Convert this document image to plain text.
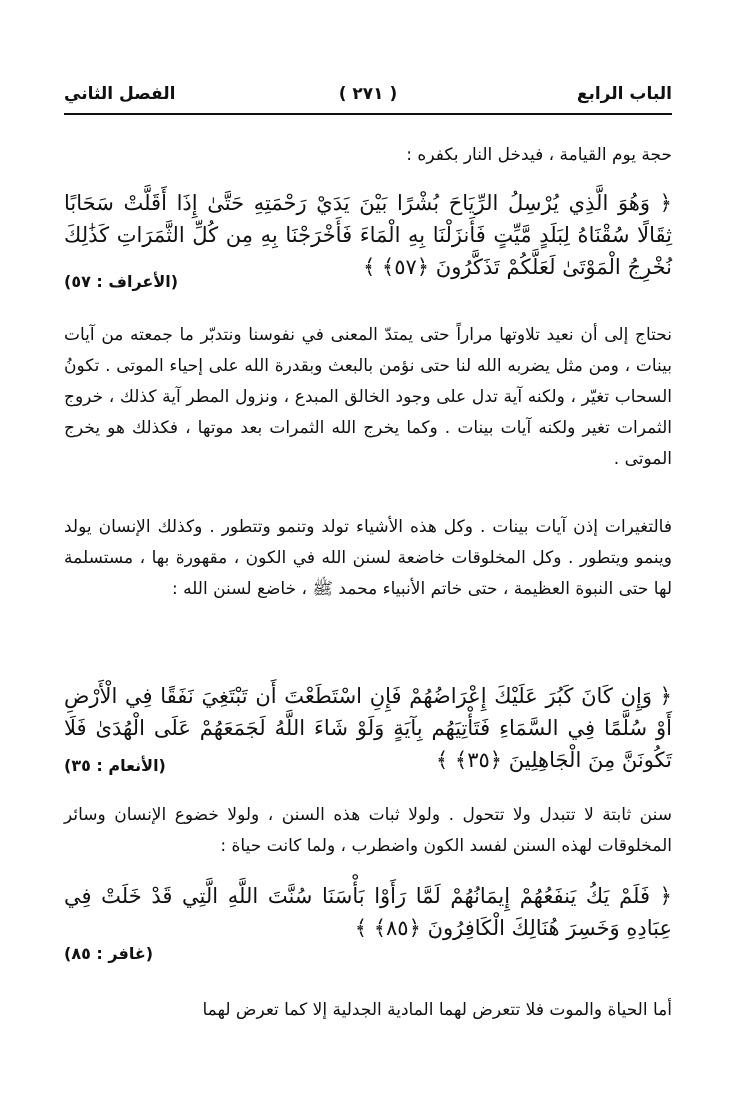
الباب الرابع
( ٢٧١ )
الفصل الثاني

حجة يوم القيامة ، فيدخل النار بكفره :

﴿ وَهُوَ الَّذِي يُرْسِلُ الرِّيَاحَ بُشْرًا بَيْنَ يَدَيْ رَحْمَتِهِ حَتَّىٰ إِذَا أَقَلَّتْ سَحَابًا ثِقَالًا سُقْنَاهُ لِبَلَدٍ مَّيِّتٍ فَأَنزَلْنَا بِهِ الْمَاءَ فَأَخْرَجْنَا بِهِ مِن كُلِّ الثَّمَرَاتِ كَذَٰلِكَ نُخْرِجُ الْمَوْتَىٰ لَعَلَّكُمْ تَذَكَّرُونَ ﴿٥٧﴾ ﴾

(الأعراف : ٥٧)

نحتاج إلى أن نعيد تلاوتها مراراً حتى يمتدّ المعنى في نفوسنا ونتدبّر ما جمعته من آيات بينات ، ومن مثل يضربه الله لنا حتى نؤمن بالبعث وبقدرة الله على إحياء الموتى . تكونُ السحاب تغيّر ، ولكنه آية تدل على وجود الخالق المبدع ، ونزول المطر آية كذلك ، خروج الثمرات تغير ولكنه آيات بينات . وكما يخرج الله الثمرات بعد موتها ، فكذلك هو يخرج الموتى .

فالتغيرات إذن آيات بينات . وكل هذه الأشياء تولد وتنمو وتتطور . وكذلك الإنسان يولد وينمو ويتطور . وكل المخلوقات خاضعة لسنن الله في الكون ، مقهورة بها ، مستسلمة لها حتى النبوة العظيمة ، حتى خاتم الأنبياء محمد ﷺ ، خاضع لسنن الله :

﴿ وَإِن كَانَ كَبُرَ عَلَيْكَ إِعْرَاضُهُمْ فَإِنِ اسْتَطَعْتَ أَن تَبْتَغِيَ نَفَقًا فِي الْأَرْضِ أَوْ سُلَّمًا فِي السَّمَاءِ فَتَأْتِيَهُم بِآيَةٍ وَلَوْ شَاءَ اللَّهُ لَجَمَعَهُمْ عَلَى الْهُدَىٰ فَلَا تَكُونَنَّ مِنَ الْجَاهِلِينَ ﴿٣٥﴾ ﴾

(الأنعام : ٣٥)

سنن ثابتة لا تتبدل ولا تتحول . ولولا ثبات هذه السنن ، ولولا خضوع الإنسان وسائر المخلوقات لهذه السنن لفسد الكون واضطرب ، ولما كانت حياة :

﴿ فَلَمْ يَكُ يَنفَعُهُمْ إِيمَانُهُمْ لَمَّا رَأَوْا بَأْسَنَا سُنَّتَ اللَّهِ الَّتِي قَدْ خَلَتْ فِي عِبَادِهِ وَخَسِرَ هُنَالِكَ الْكَافِرُونَ ﴿٨٥﴾ ﴾

(غافر : ٨٥)

أما الحياة والموت فلا تتعرض لهما المادية الجدلية إلا كما تعرض لهما
